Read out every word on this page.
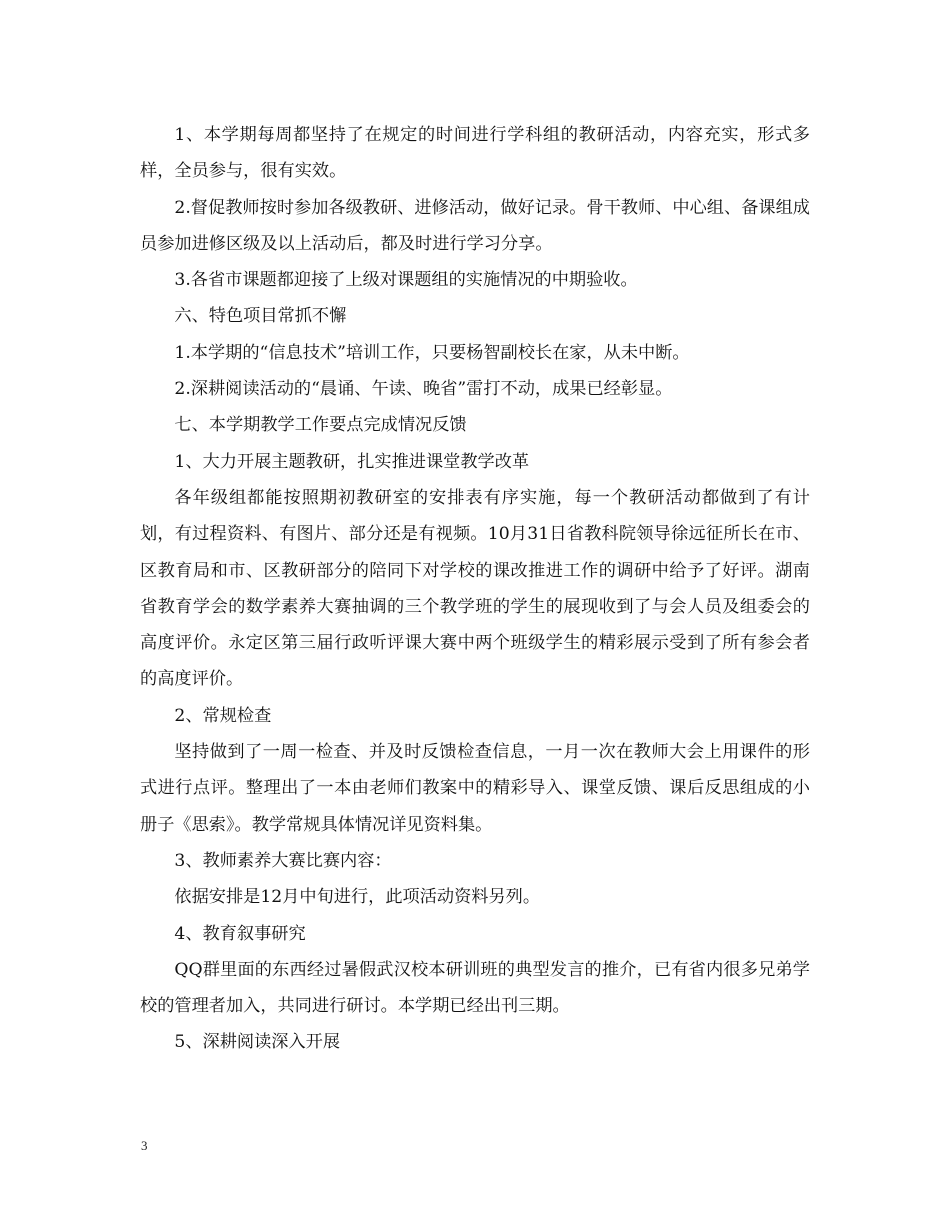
1、本学期每周都坚持了在规定的时间进行学科组的教研活动，内容充实，形式多样，全员参与，很有实效。

2.督促教师按时参加各级教研、进修活动，做好记录。骨干教师、中心组、备课组成员参加进修区级及以上活动后，都及时进行学习分享。

3.各省市课题都迎接了上级对课题组的实施情况的中期验收。

六、特色项目常抓不懈

1.本学期的“信息技术”培训工作，只要杨智副校长在家，从未中断。

2.深耕阅读活动的“晨诵、午读、晚省”雷打不动，成果已经彰显。

七、本学期教学工作要点完成情况反馈

1、大力开展主题教研，扎实推进课堂教学改革

各年级组都能按照期初教研室的安排表有序实施，每一个教研活动都做到了有计划，有过程资料、有图片、部分还是有视频。10月31日省教科院领导徐远征所长在市、区教育局和市、区教研部分的陪同下对学校的课改推进工作的调研中给予了好评。湖南省教育学会的数学素养大赛抽调的三个教学班的学生的展现收到了与会人员及组委会的高度评价。永定区第三届行政听评课大赛中两个班级学生的精彩展示受到了所有参会者的高度评价。

2、常规检查

坚持做到了一周一检查、并及时反馈检查信息，一月一次在教师大会上用课件的形式进行点评。整理出了一本由老师们教案中的精彩导入、课堂反馈、课后反思组成的小册子《思索》。教学常规具体情况详见资料集。

3、教师素养大赛比赛内容：

依据安排是12月中旬进行，此项活动资料另列。

4、教育叙事研究

QQ群里面的东西经过暑假武汉校本研训班的典型发言的推介，已有省内很多兄弟学校的管理者加入，共同进行研讨。本学期已经出刊三期。

5、深耕阅读深入开展

3
